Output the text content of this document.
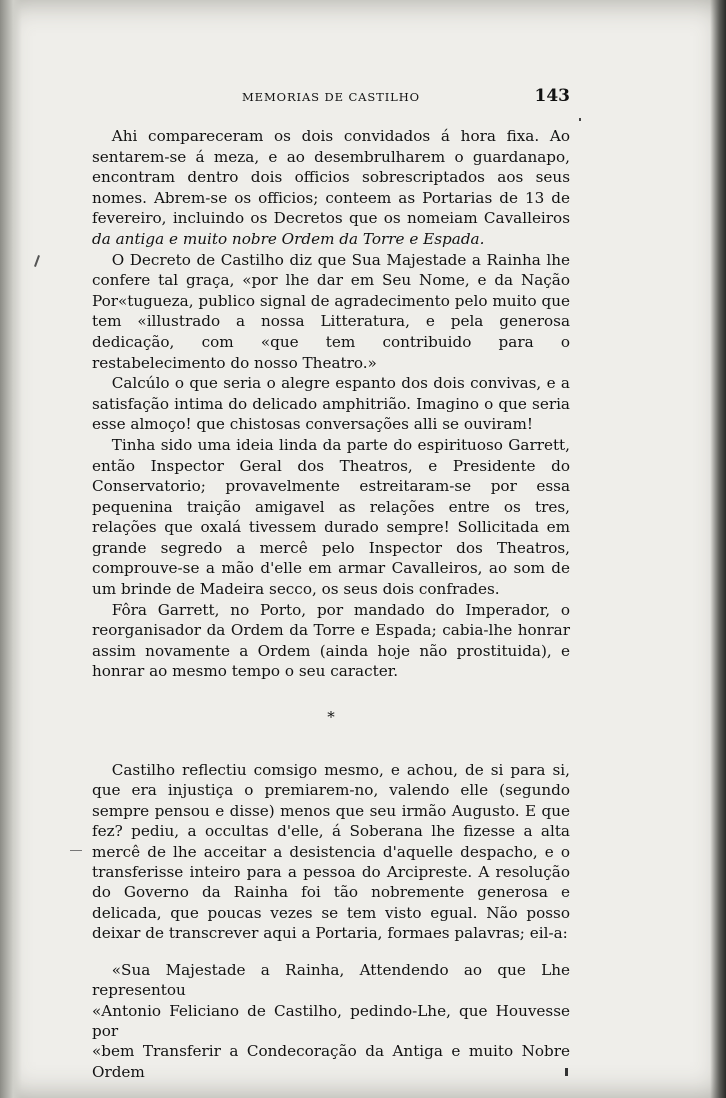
MEMORIAS DE CASTILHO	143

Ahi compareceram os dois convidados á hora fixa. Ao sentarem-se á meza, e ao desembrulharem o guardanapo, encontram dentro dois officios sobrescriptados aos seus nomes. Abrem-se os officios; conteem as Portarias de 13 de fevereiro, incluindo os Decretos que os nomeiam Cavalleiros da antiga e muito nobre Ordem da Torre e Espada.

O Decreto de Castilho diz que Sua Majestade a Rainha lhe confere tal graça, «por lhe dar em Seu Nome, e da Nação Por«tugueza, publico signal de agradecimento pelo muito que tem «illustrado a nossa Litteratura, e pela generosa dedicação, com «que tem contribuido para o restabelecimento do nosso Theatro.»

Calcúlo o que seria o alegre espanto dos dois convivas, e a satisfação intima do delicado amphitrião. Imagino o que seria esse almoço! que chistosas conversações alli se ouviram!

Tinha sido uma ideia linda da parte do espirituoso Garrett, então Inspector Geral dos Theatros, e Presidente do Conservatorio; provavelmente estreitaram-se por essa pequenina traição amigavel as relações entre os tres, relações que oxalá tivessem durado sempre! Sollicitada em grande segredo a mercê pelo Inspector dos Theatros, comprouve-se a mão d'elle em armar Cavalleiros, ao som de um brinde de Madeira secco, os seus dois confrades.

Fôra Garrett, no Porto, por mandado do Imperador, o reorganisador da Ordem da Torre e Espada; cabia-lhe honrar assim novamente a Ordem (ainda hoje não prostituida), e honrar ao mesmo tempo o seu caracter.

*

Castilho reflectiu comsigo mesmo, e achou, de si para si, que era injustiça o premiarem-no, valendo elle (segundo sempre pensou e disse) menos que seu irmão Augusto. E que fez? pediu, a occultas d'elle, á Soberana lhe fizesse a alta mercê de lhe acceitar a desistencia d'aquelle despacho, e o transferisse inteiro para a pessoa do Arcipreste. A resolução do Governo da Rainha foi tão nobremente generosa e delicada, que poucas vezes se tem visto egual. Não posso deixar de transcrever aqui a Portaria, formaes palavras; eil-a:

«Sua Majestade a Rainha, Attendendo ao que Lhe representou

«Antonio Feliciano de Castilho, pedindo-Lhe, que Houvesse por

«bem Transferir a Condecoração da Antiga e muito Nobre Ordem
